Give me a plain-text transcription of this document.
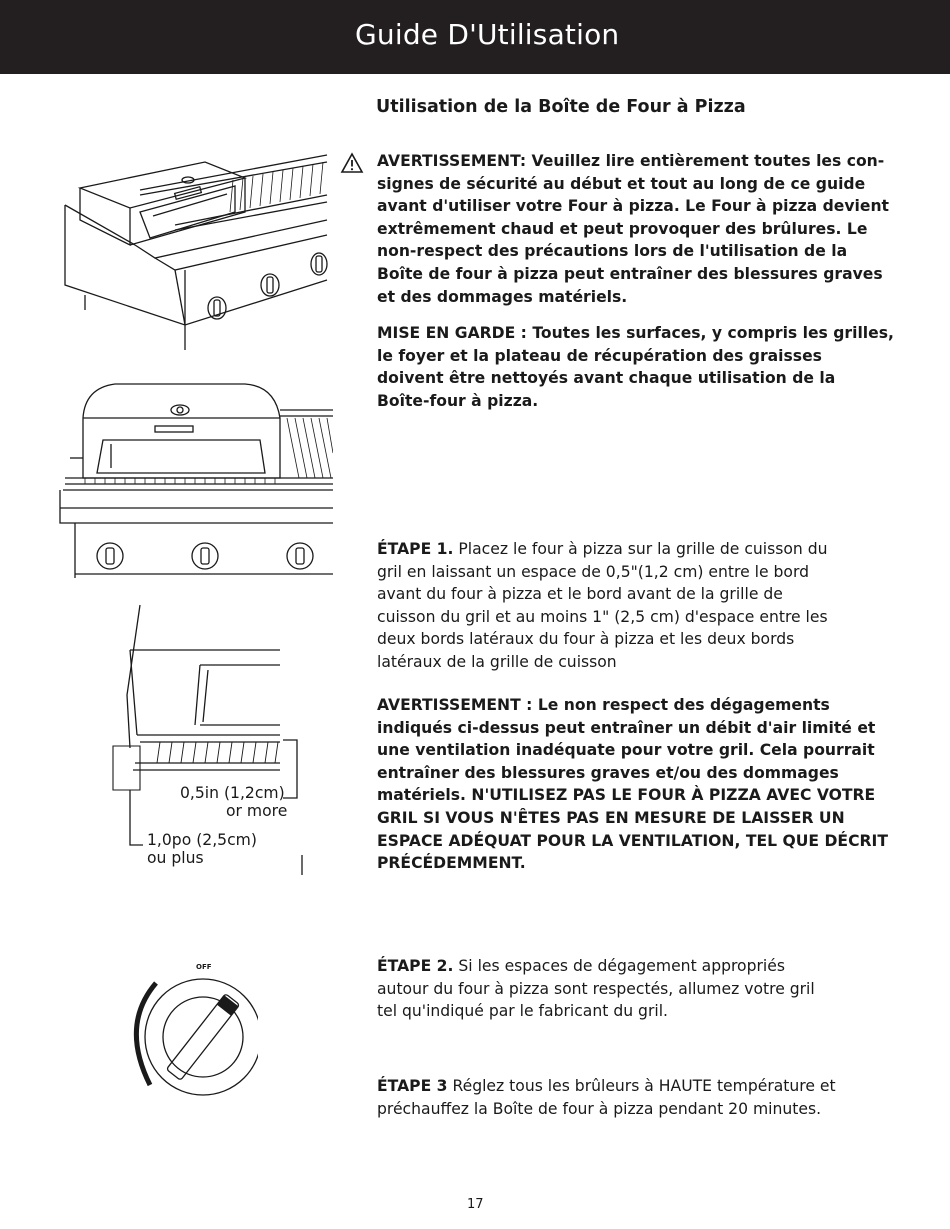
Guide D'Utilisation
Utilisation de la Boîte de Four à Pizza
AVERTISSEMENT: Veuillez lire entièrement toutes les con-
signes de sécurité au début et tout au long de ce guide
avant d'utiliser votre Four à pizza. Le Four à pizza devient
extrêmement chaud et peut provoquer des brûlures. Le
non-respect des précautions lors de l'utilisation de la
Boîte de four à pizza peut entraîner des blessures graves
et des dommages matériels.
MISE EN GARDE : Toutes les surfaces, y compris les grilles,
le foyer et la plateau de récupération des graisses
doivent être nettoyés avant chaque utilisation de la
Boîte-four à pizza.
ÉTAPE 1. Placez le four à pizza sur la grille de cuisson du
gril en laissant un espace de 0,5"(1,2 cm) entre le bord
avant du four à pizza et le bord avant de la grille de
cuisson du gril et au moins 1" (2,5 cm) d'espace entre les
deux bords latéraux du four à pizza et les deux bords
latéraux de la grille de cuisson
AVERTISSEMENT : Le non respect des dégagements
indiqués ci-dessus peut entraîner un débit d'air limité et
une ventilation inadéquate pour votre gril. Cela pourrait
entraîner des blessures graves et/ou des dommages
matériels. N'UTILISEZ PAS LE FOUR À PIZZA AVEC VOTRE
GRIL SI VOUS N'ÊTES PAS EN MESURE DE LAISSER UN
ESPACE ADÉQUAT POUR LA VENTILATION, TEL QUE DÉCRIT
PRÉCÉDEMMENT.
ÉTAPE 2. Si les espaces de dégagement appropriés
autour du four à pizza sont respectés, allumez votre gril
tel qu'indiqué par le fabricant du gril.
ÉTAPE 3 Réglez tous les brûleurs à HAUTE température et
préchauffez la Boîte de four à pizza pendant 20 minutes.
0,5in (1,2cm)
or more
1,0po (2,5cm)
ou plus
OFF
17
